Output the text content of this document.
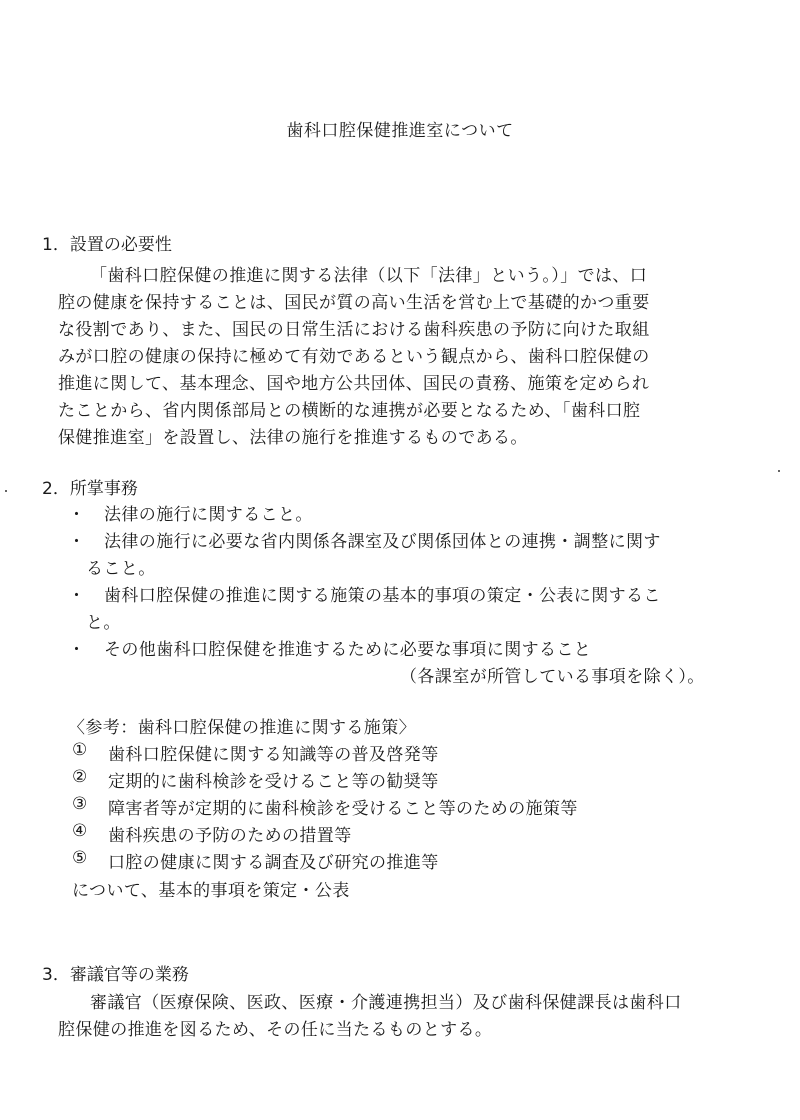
歯科口腔保健推進室について
1．設置の必要性
「歯科口腔保健の推進に関する法律（以下「法律」という。）」では、口
腔の健康を保持することは、国民が質の高い生活を営む上で基礎的かつ重要
な役割であり、また、国民の日常生活における歯科疾患の予防に向けた取組
みが口腔の健康の保持に極めて有効であるという観点から、歯科口腔保健の
推進に関して、基本理念、国や地方公共団体、国民の責務、施策を定められ
たことから、省内関係部局との横断的な連携が必要となるため、「歯科口腔
保健推進室」を設置し、法律の施行を推進するものである。
2．所掌事務
・ 法律の施行に関すること。
・ 法律の施行に必要な省内関係各課室及び関係団体との連携・調整に関す
ること。
・ 歯科口腔保健の推進に関する施策の基本的事項の策定・公表に関するこ
と。
・ その他歯科口腔保健を推進するために必要な事項に関すること
（各課室が所管している事項を除く）。
〈参考：歯科口腔保健の推進に関する施策〉
① 歯科口腔保健に関する知識等の普及啓発等
② 定期的に歯科検診を受けること等の勧奨等
③ 障害者等が定期的に歯科検診を受けること等のための施策等
④ 歯科疾患の予防のための措置等
⑤ 口腔の健康に関する調査及び研究の推進等
について、基本的事項を策定・公表
3．審議官等の業務
審議官（医療保険、医政、医療・介護連携担当）及び歯科保健課長は歯科口
腔保健の推進を図るため、その任に当たるものとする。
